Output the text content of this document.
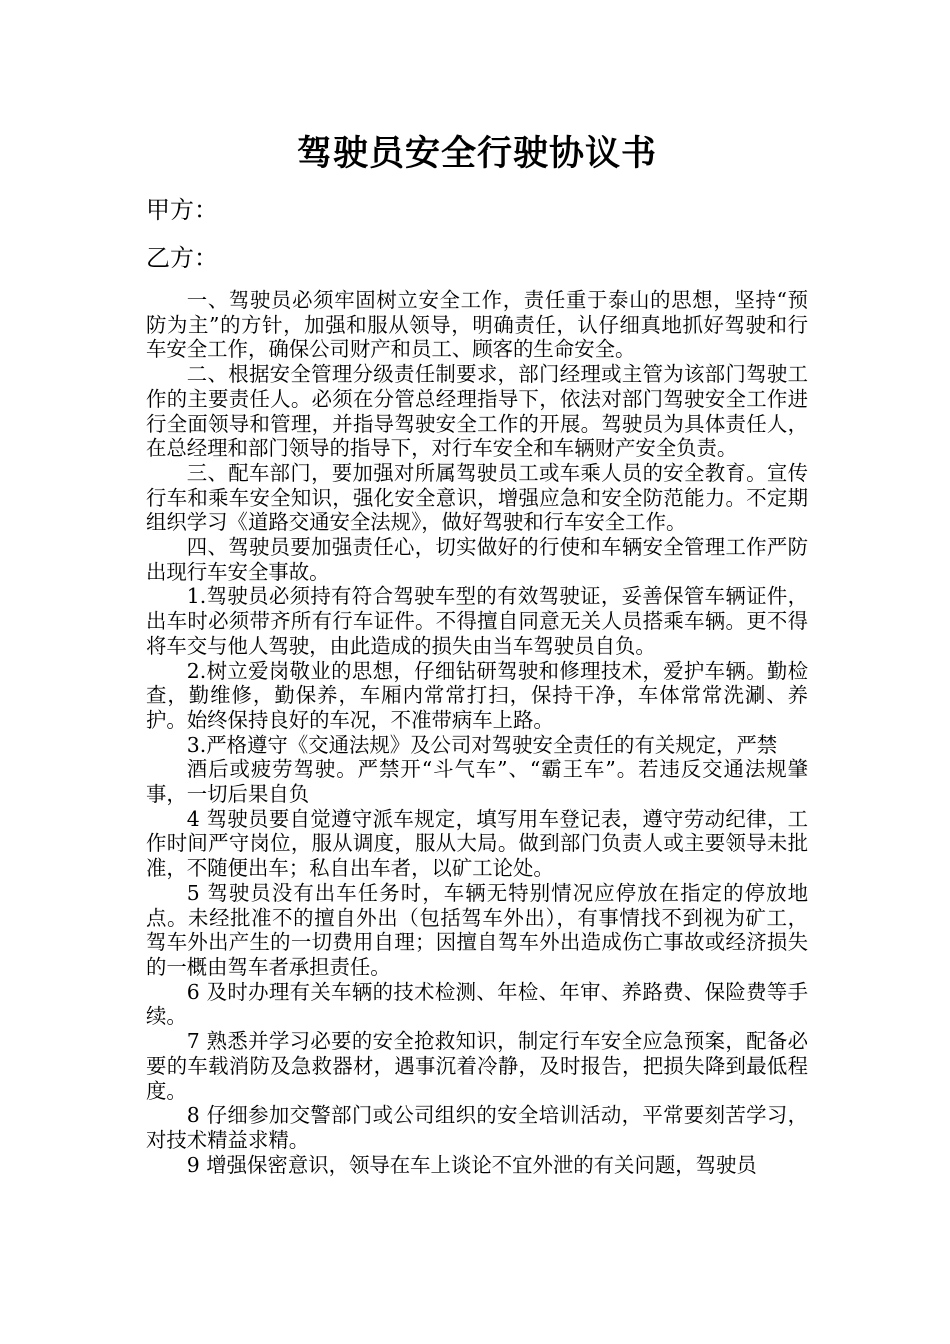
驾驶员安全行驶协议书

甲方：

乙方：

一、驾驶员必须牢固树立安全工作，责任重于泰山的思想，坚持“预防为主”的方针，加强和服从领导，明确责任，认仔细真地抓好驾驶和行车安全工作，确保公司财产和员工、顾客的生命安全。

二、根据安全管理分级责任制要求，部门经理或主管为该部门驾驶工作的主要责任人。必须在分管总经理指导下，依法对部门驾驶安全工作进行全面领导和管理，并指导驾驶安全工作的开展。驾驶员为具体责任人，在总经理和部门领导的指导下，对行车安全和车辆财产安全负责。

三、配车部门，要加强对所属驾驶员工或车乘人员的安全教育。宣传行车和乘车安全知识，强化安全意识，增强应急和安全防范能力。不定期组织学习《道路交通安全法规》，做好驾驶和行车安全工作。

四、驾驶员要加强责任心，切实做好的行使和车辆安全管理工作严防出现行车安全事故。

1.驾驶员必须持有符合驾驶车型的有效驾驶证，妥善保管车辆证件，出车时必须带齐所有行车证件。不得擅自同意无关人员搭乘车辆。更不得将车交与他人驾驶，由此造成的损失由当车驾驶员自负。

2.树立爱岗敬业的思想，仔细钻研驾驶和修理技术，爱护车辆。勤检查，勤维修，勤保养，车厢内常常打扫，保持干净，车体常常洗涮、养护。始终保持良好的车况，不准带病车上路。

3.严格遵守《交通法规》及公司对驾驶安全责任的有关规定，严禁

酒后或疲劳驾驶。严禁开“斗气车”、“霸王车”。若违反交通法规肇事，一切后果自负

4 驾驶员要自觉遵守派车规定，填写用车登记表，遵守劳动纪律，工作时间严守岗位，服从调度，服从大局。做到部门负责人或主要领导未批准，不随便出车；私自出车者，以矿工论处。

5 驾驶员没有出车任务时，车辆无特别情况应停放在指定的停放地点。未经批准不的擅自外出（包括驾车外出），有事情找不到视为矿工，驾车外出产生的一切费用自理；因擅自驾车外出造成伤亡事故或经济损失的一概由驾车者承担责任。

6 及时办理有关车辆的技术检测、年检、年审、养路费、保险费等手续。

7 熟悉并学习必要的安全抢救知识，制定行车安全应急预案，配备必要的车载消防及急救器材，遇事沉着冷静，及时报告，把损失降到最低程度。

8 仔细参加交警部门或公司组织的安全培训活动，平常要刻苦学习，对技术精益求精。

9 增强保密意识，领导在车上谈论不宜外泄的有关问题，驾驶员
